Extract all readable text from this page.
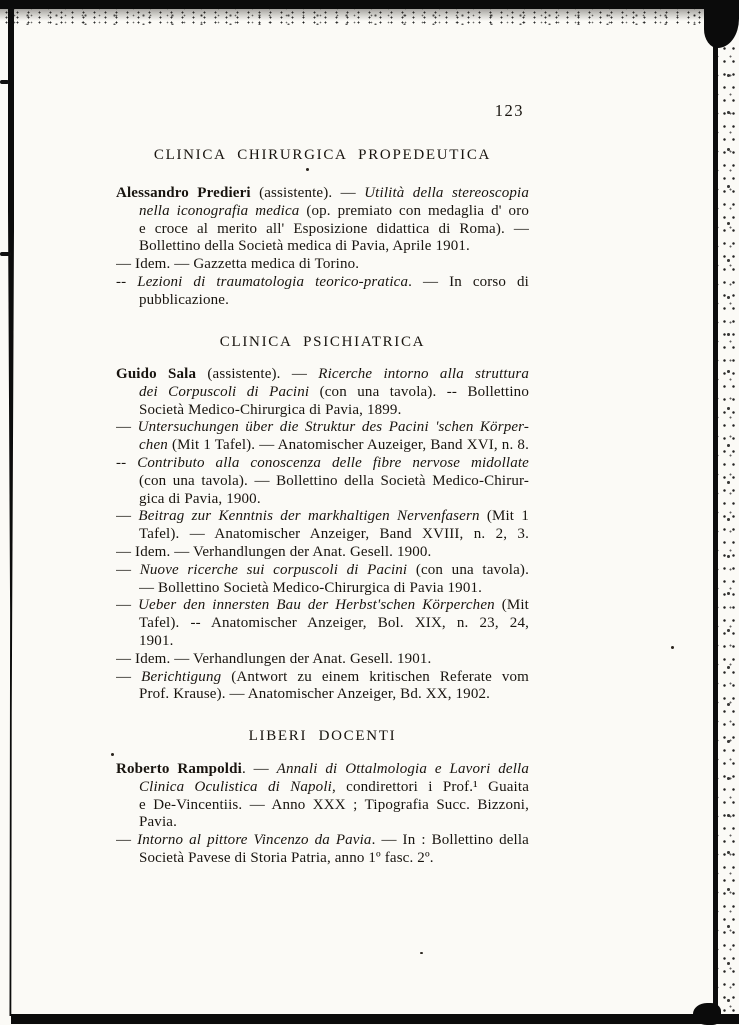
123
CLINICA CHIRURGICA PROPEDEUTICA
Alessandro Predieri (assistente). — Utilità della stereoscopia
nella iconografia medica (op. premiato con medaglia d' oro
e croce al merito all' Esposizione didattica di Roma). —
Bollettino della Società medica di Pavia, Aprile 1901.
— Idem. — Gazzetta medica di Torino.
-- Lezioni di traumatologia teorico-pratica. — In corso di
pubblicazione.
CLINICA PSICHIATRICA
Guido Sala (assistente). — Ricerche intorno alla struttura
dei Corpuscoli di Pacini (con una tavola). -- Bollettino
Società Medico-Chirurgica di Pavia, 1899.
— Untersuchungen über die Struktur des Pacini 'schen Körper-
chen (Mit 1 Tafel). — Anatomischer Auzeiger, Band XVI, n. 8.
-- Contributo alla conoscenza delle fibre nervose midollate
(con una tavola). — Bollettino della Società Medico-Chirur-
gica di Pavia, 1900.
— Beitrag zur Kenntnis der markhaltigen Nervenfasern (Mit 1
Tafel). — Anatomischer Anzeiger, Band XVIII, n. 2, 3.
— Idem. — Verhandlungen der Anat. Gesell. 1900.
— Nuove ricerche sui corpuscoli di Pacini (con una tavola).
— Bollettino Società Medico-Chirurgica di Pavia 1901.
— Ueber den innersten Bau der Herbst'schen Körperchen (Mit
Tafel). -- Anatomischer Anzeiger, Bol. XIX, n. 23, 24,
1901.
— Idem. — Verhandlungen der Anat. Gesell. 1901.
— Berichtigung (Antwort zu einem kritischen Referate vom
Prof. Krause). — Anatomischer Anzeiger, Bd. XX, 1902.
LIBERI DOCENTI
Roberto Rampoldi. — Annali di Ottalmologia e Lavori della
Clinica Oculistica di Napoli, condirettori i Prof.¹ Guaita
e De-Vincentiis. — Anno XXX ; Tipografia Succ. Bizzoni,
Pavia.
— Intorno al pittore Vincenzo da Pavia. — In : Bollettino della
Società Pavese di Storia Patria, anno 1º fasc. 2º.
